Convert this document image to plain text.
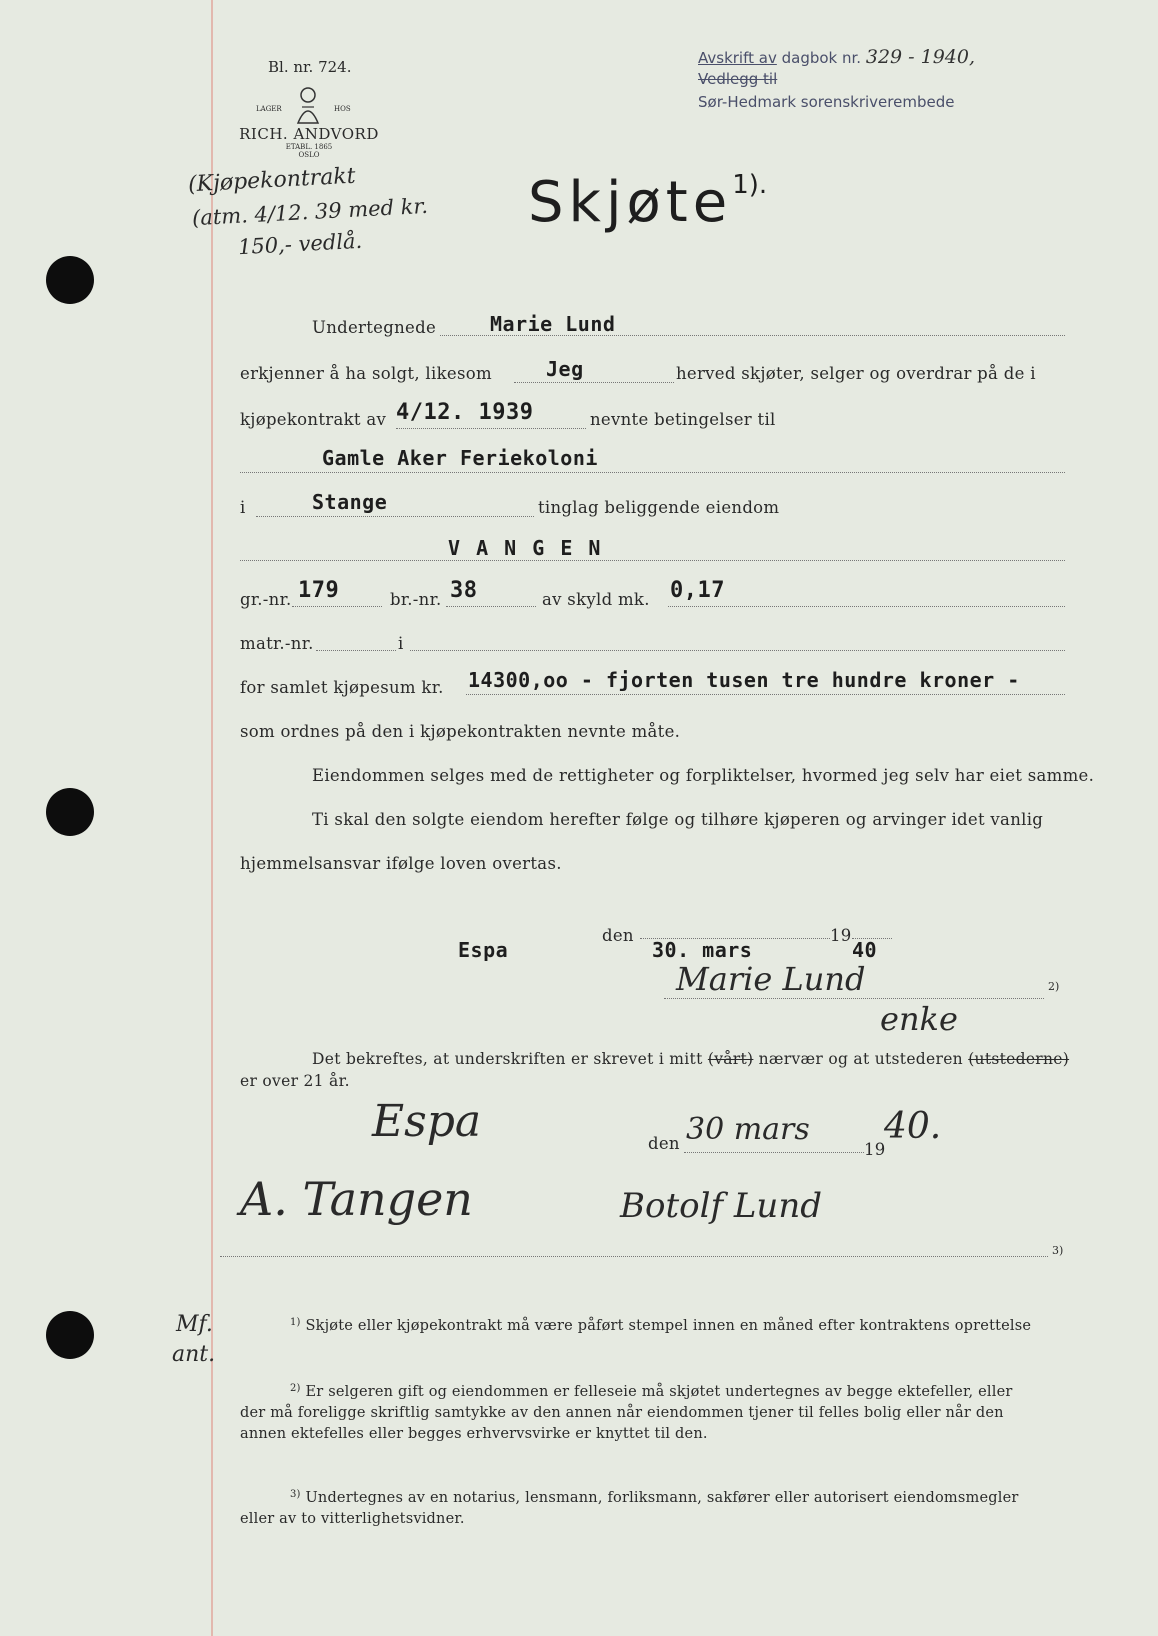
Bl. nr. 724.
LAGER	HOS
RICH. ANDVORD
ETABL. 1865
OSLO
Avskrift av dagbok nr. 329 - 1940,
Vedlegg til
Sør-Hedmark sorenskriverembede
(Kjøpekontrakt
(atm. 4/12. 39 med kr.
150,- vedlå.
Skjøte$^{1).}$
Undertegnede	Marie Lund
erkjenner å ha solgt, likesom	Jeg	herved skjøter, selger og overdrar på de i
kjøpekontrakt av 4/12. 1939	nevnte betingelser til
Gamle Aker Feriekoloni
i	Stange	tinglag beliggende eiendom
V A N G E N
gr.-nr. 179	br.-nr. 38	av skyld mk. 0,17
matr.-nr.	i
for samlet kjøpesum kr. 14300,oo - fjorten tusen tre hundre kroner -
som ordnes på den i kjøpekontrakten nevnte måte.
Eiendommen selges med de rettigheter og forpliktelser, hvormed jeg selv har eiet samme.
Ti skal den solgte eiendom herefter følge og tilhøre kjøperen og arvinger idet vanlig
hjemmelsansvar ifølge loven overtas.
Espa
den
30. mars
19
40
Marie Lund	2)
enke
Det bekreftes, at underskriften er skrevet i mitt (vårt) nærvær og at utstederen (utstederne)
er over 21 år.
Espa	den 30 mars
19
40.
A. Tangen	Botolf Lund
3)
Mf.
ant.
$^{1)}$ Skjøte eller kjøpekontrakt må være påført stempel innen en måned efter kontraktens oprettelse
$^{2)}$ Er selgeren gift og eiendommen er felleseie må skjøtet undertegnes av begge ektefeller, eller
der må foreligge skriftlig samtykke av den annen når eiendommen tjener til felles bolig eller når den
annen ektefelles eller begges erhvervsvirke er knyttet til den.
$^{3)}$ Undertegnes av en notarius, lensmann, forliksmann, sakfører eller autorisert eiendomsmegler
eller av to vitterlighetsvidner.
